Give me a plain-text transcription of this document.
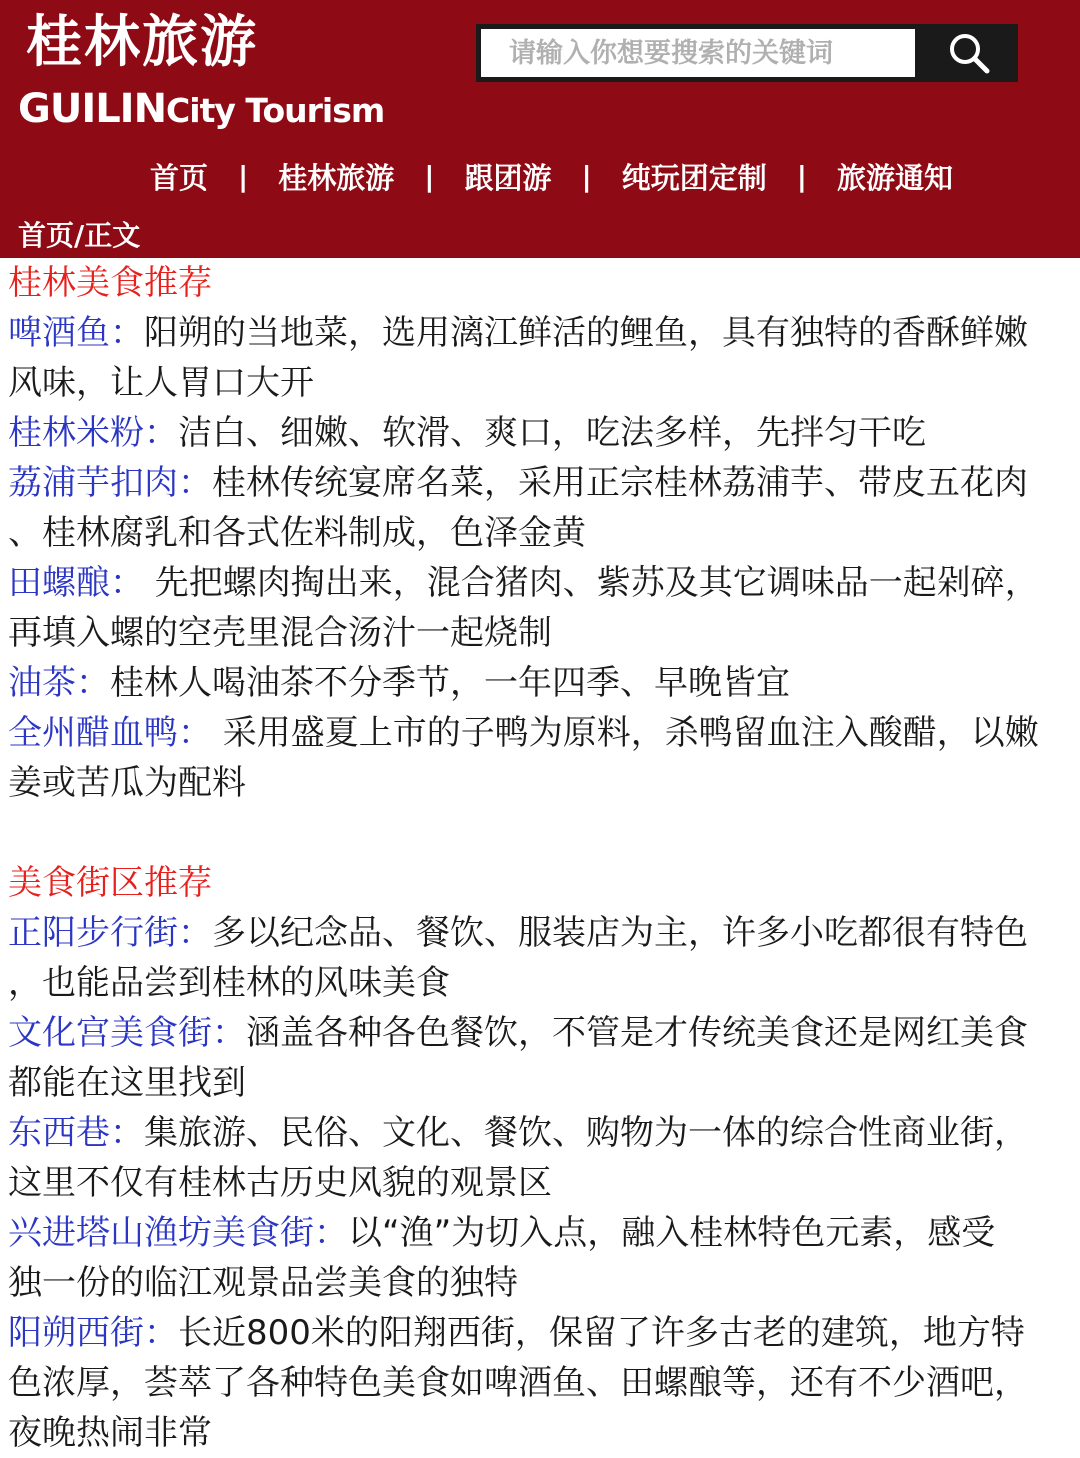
桂林旅游
GUILINCity Tourism
请输入你想要搜索的关键词
首页	|	桂林旅游	|	跟团游	|	纯玩团定制	|	旅游通知
首页/正文
桂林美食推荐
啤酒鱼：阳朔的当地菜，选用漓江鲜活的鲤鱼，具有独特的香酥鲜嫩
风味，让人胃口大开
桂林米粉：洁白、细嫩、软滑、爽口，吃法多样，先拌匀干吃
荔浦芋扣肉：桂林传统宴席名菜，采用正宗桂林荔浦芋、带皮五花肉
、桂林腐乳和各式佐料制成，色泽金黄
田螺酿： 先把螺肉掏出来，混合猪肉、紫苏及其它调味品一起剁碎，
再填入螺的空壳里混合汤汁一起烧制
油茶：桂林人喝油茶不分季节，一年四季、早晚皆宜
全州醋血鸭： 采用盛夏上市的子鸭为原料，杀鸭留血注入酸醋，以嫩
姜或苦瓜为配料
美食街区推荐
正阳步行街：多以纪念品、餐饮、服装店为主，许多小吃都很有特色
，也能品尝到桂林的风味美食
文化宫美食街：涵盖各种各色餐饮，不管是才传统美食还是网红美食
都能在这里找到
东西巷：集旅游、民俗、文化、餐饮、购物为一体的综合性商业街，
这里不仅有桂林古历史风貌的观景区
兴进塔山渔坊美食街：以“渔”为切入点，融入桂林特色元素，感受
独一份的临江观景品尝美食的独特
阳朔西街：长近800米的阳翔西街，保留了许多古老的建筑，地方特
色浓厚，荟萃了各种特色美食如啤酒鱼、田螺酿等，还有不少酒吧，
夜晚热闹非常
